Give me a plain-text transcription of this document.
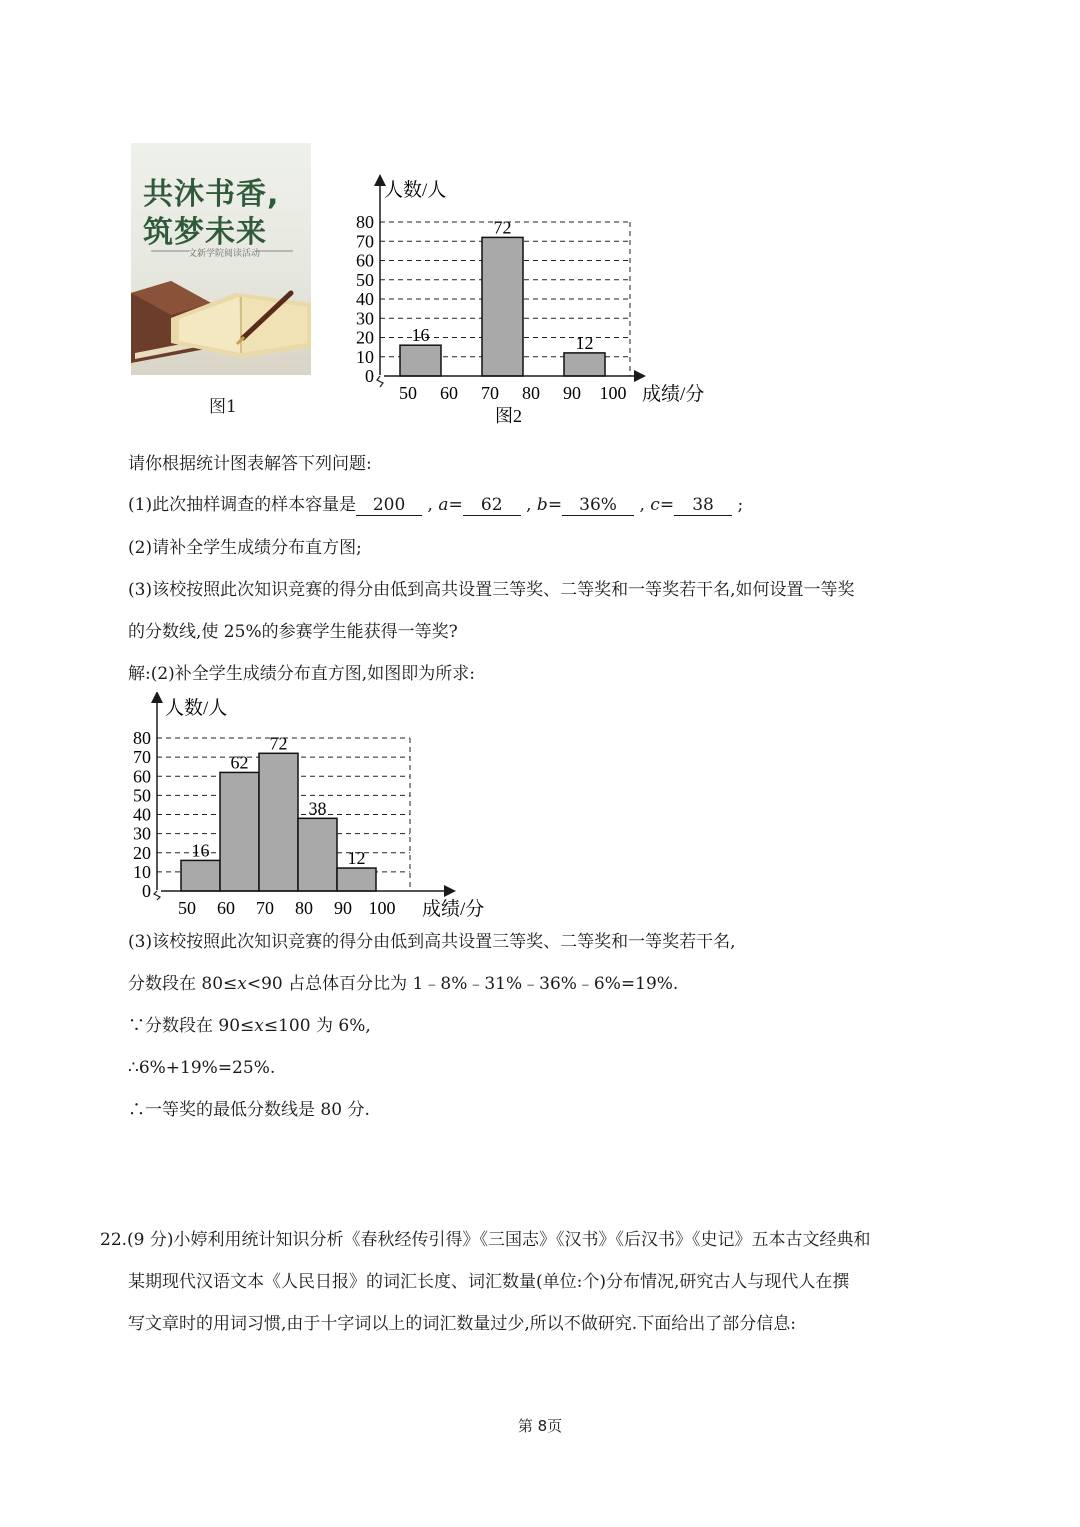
共沐书香,
筑梦未来
文新学院阅读活动
图1
0
10
20
30
40
50
60
70
80
50 60 70 80 90 100
16
72
12
人数/人
成绩/分
图2
请你根据统计图表解答下列问题:
(1)此次抽样调查的样本容量是 200 , a= 62 , b= 36% , c= 38 ;
(2)请补全学生成绩分布直方图;
(3)该校按照此次知识竞赛的得分由低到高共设置三等奖、二等奖和一等奖若干名,如何设置一等奖
的分数线,使 25%的参赛学生能获得一等奖?
解:(2)补全学生成绩分布直方图,如图即为所求:
0
10
20
30
40
50
60
70
80
50 60 70 80 90 100
16
62
72
38
12
人数/人
成绩/分
(3)该校按照此次知识竞赛的得分由低到高共设置三等奖、二等奖和一等奖若干名,
分数段在 80≤x<90 占总体百分比为 1﹣8%﹣31%﹣36%﹣6%=19%.
∵分数段在 90≤x≤100 为 6%,
∴6%+19%=25%.
∴一等奖的最低分数线是 80 分.
22.(9 分)小婷利用统计知识分析《春秋经传引得》《三国志》《汉书》《后汉书》《史记》五本古文经典和
某期现代汉语文本《人民日报》的词汇长度、词汇数量(单位:个)分布情况,研究古人与现代人在撰
写文章时的用词习惯,由于十字词以上的词汇数量过少,所以不做研究.下面给出了部分信息:
第 8页
